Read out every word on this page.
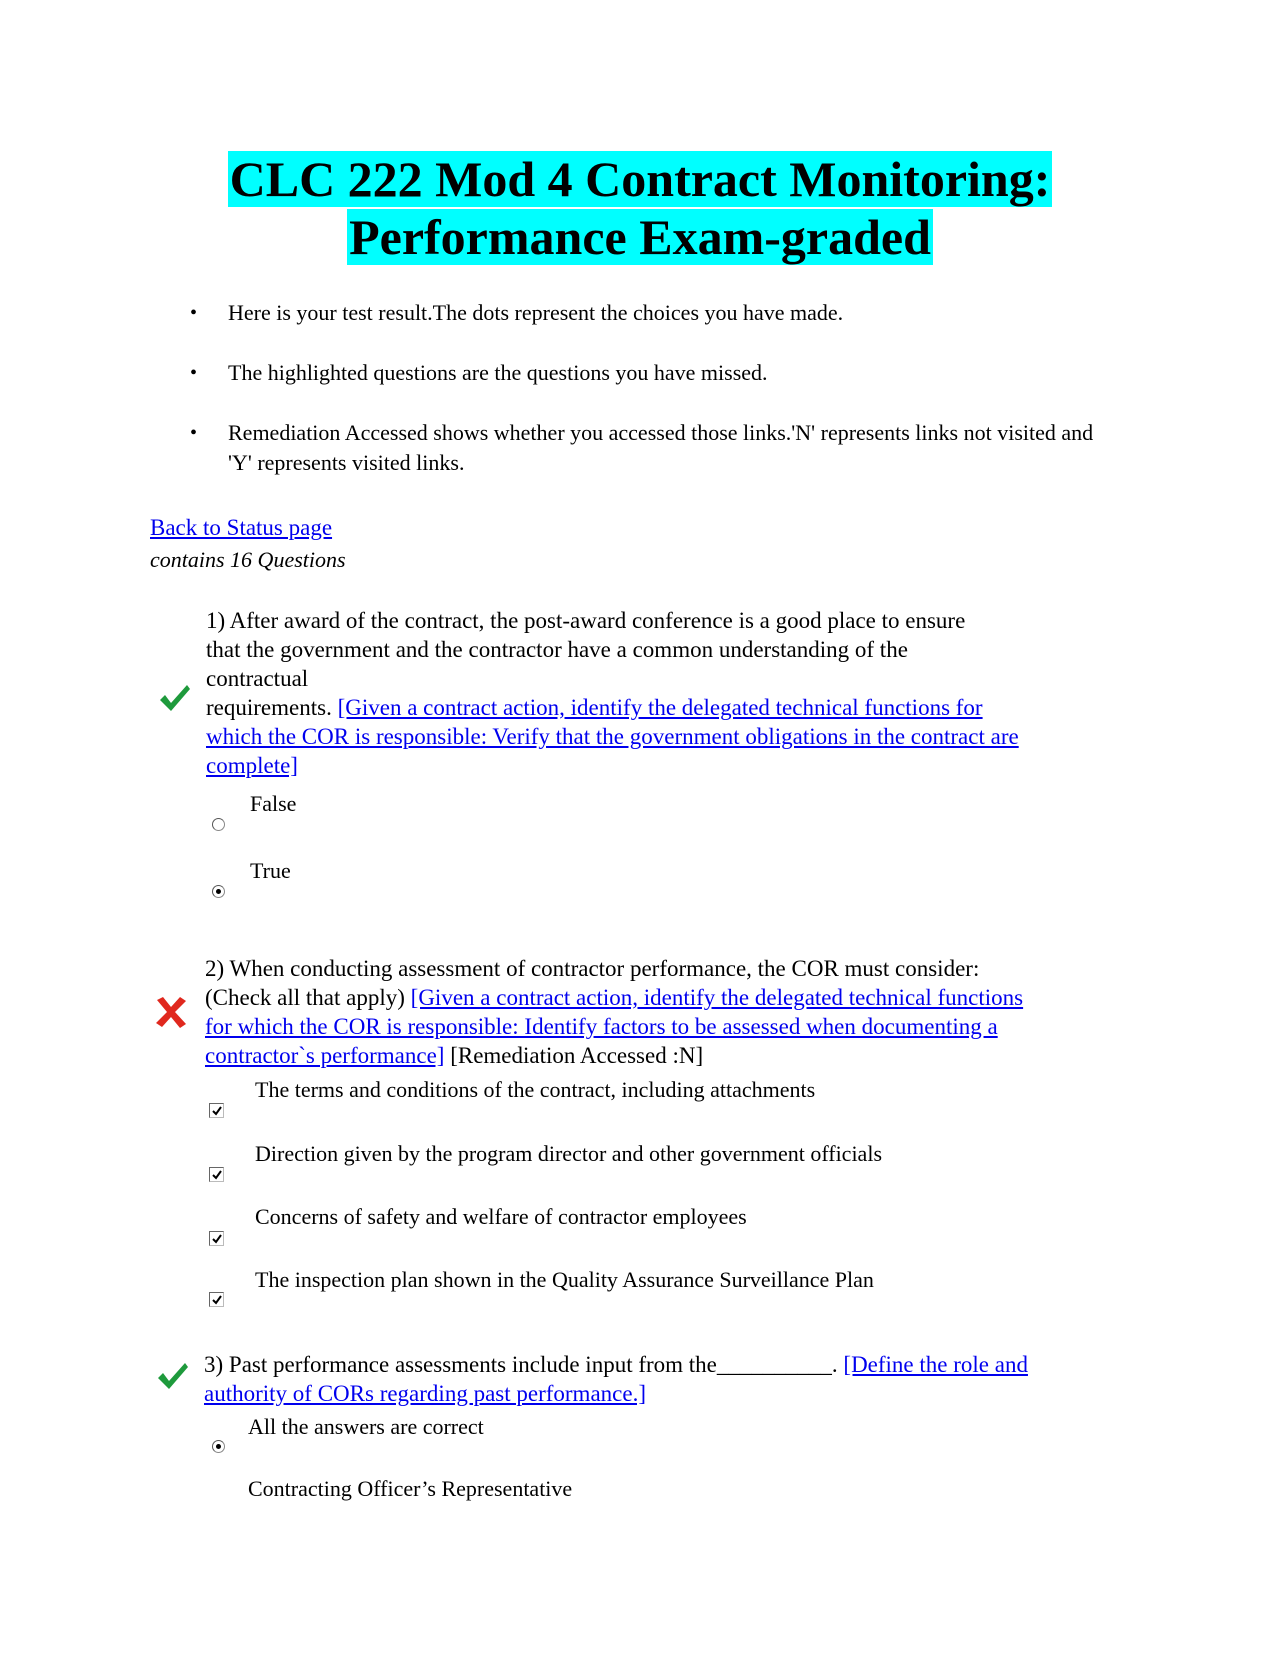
CLC 222 Mod 4 Contract Monitoring:
Performance Exam-graded
• Here is your test result.The dots represent the choices you have made.
• The highlighted questions are the questions you have missed.
• Remediation Accessed shows whether you accessed those links.'N' represents links not visited and 'Y' represents visited links.
Back to Status page
contains 16 Questions
1) After award of the contract, the post-award conference is a good place to ensure
that the government and the contractor have a common understanding of the
contractual
requirements. [Given a contract action, identify the delegated technical functions for
which the COR is responsible: Verify that the government obligations in the contract are
complete]
False
True
2) When conducting assessment of contractor performance, the COR must consider:
(Check all that apply) [Given a contract action, identify the delegated technical functions
for which the COR is responsible: Identify factors to be assessed when documenting a
contractor`s performance] [Remediation Accessed :N]
The terms and conditions of the contract, including attachments
Direction given by the program director and other government officials
Concerns of safety and welfare of contractor employees
The inspection plan shown in the Quality Assurance Surveillance Plan
3) Past performance assessments include input from the__________. [Define the role and
authority of CORs regarding past performance.]
All the answers are correct
Contracting Officer’s Representative
